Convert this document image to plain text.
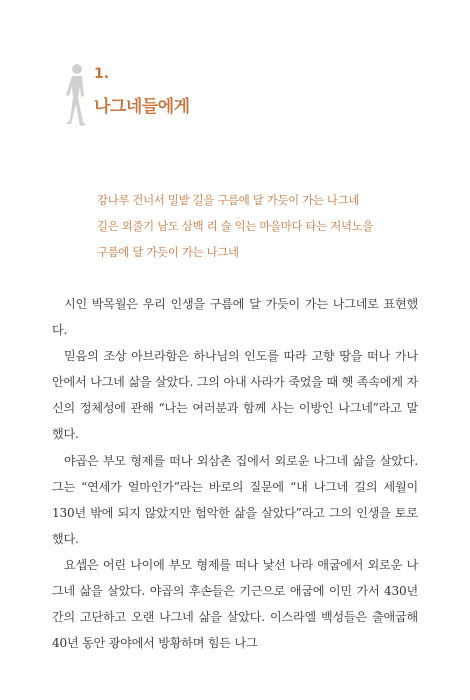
1.
나그네들에게
강나루 건너서 밀밭 길을 구름에 달 가듯이 가는 나그네
길은 외줄기 남도 삼백 리 술 익는 마을마다 타는 저녁노을
구름에 달 가듯이 가는 나그네

시인 박목월은 우리 인생을 구름에 달 가듯이 가는 나그네로 표현했다.

믿음의 조상 아브라함은 하나님의 인도를 따라 고향 땅을 떠나 가나안에서 나그네 삶을 살았다. 그의 아내 사라가 죽었을 때 헷 족속에게 자신의 정체성에 관해 “나는 여러분과 함께 사는 이방인 나그네”라고 말했다.

야곱은 부모 형제를 떠나 외삼촌 집에서 외로운 나그네 삶을 살았다. 그는 “연세가 얼마인가”라는 바로의 질문에 “내 나그네 길의 세월이 130년 밖에 되지 않았지만 험악한 삶을 살았다”라고 그의 인생을 토로했다.

요셉은 어린 나이에 부모 형제를 떠나 낯선 나라 애굽에서 외로운 나그네 삶을 살았다. 야곱의 후손들은 기근으로 애굽에 이민 가서 430년간의 고단하고 오랜 나그네 삶을 살았다. 이스라엘 백성들은 출애굽해 40년 동안 광야에서 방황하며 힘든 나그
